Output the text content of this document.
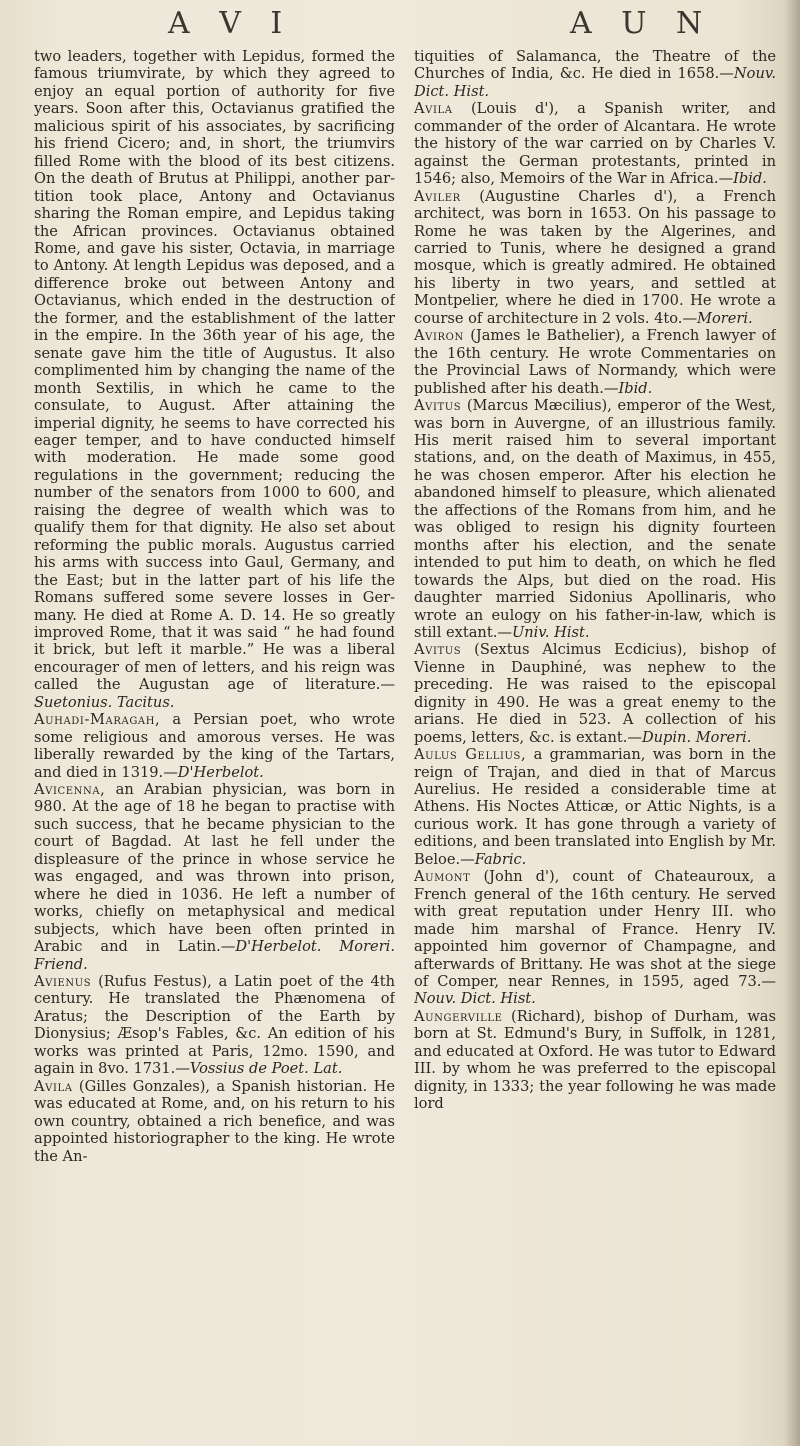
A V I	A U N

two leaders, together with Lepidus, formed the famous triumvirate, by which they agreed to enjoy an equal portion of authority for five years. Soon after this, Octavianus gratified the malicious spirit of his associates, by sacrificing his friend Cicero; and, in short, the triumvirs filled Rome with the blood of its best citizens. On the death of Brutus at Philippi, another partition took place, Antony and Octavianus sharing the Roman empire, and Lepidus taking the African provinces. Octavianus obtained Rome, and gave his sister, Octavia, in marriage to Antony. At length Lepidus was deposed, and a difference broke out between Antony and Octavianus, which ended in the destruction of the former, and the establishment of the latter in the empire. In the 36th year of his age, the senate gave him the title of Augustus. It also complimented him by changing the name of the month Sextilis, in which he came to the consulate, to August. After attaining the imperial dignity, he seems to have corrected his eager temper, and to have conducted himself with moderation. He made some good regulations in the government; reducing the number of the senators from 1000 to 600, and raising the degree of wealth which was to qualify them for that dignity. He also set about reforming the public morals. Augustus carried his arms with success into Gaul, Germany, and the East; but in the latter part of his life the Romans suffered some severe losses in Germany. He died at Rome A. D. 14. He so greatly improved Rome, that it was said “ he had found it brick, but left it marble.” He was a liberal encourager of men of letters, and his reign was called the Augustan age of literature.—Suetonius. Tacitus.

Auhadi-Maragah, a Persian poet, who wrote some religious and amorous verses. He was liberally rewarded by the king of the Tartars, and died in 1319.—D'Herbelot.

Avicenna, an Arabian physician, was born in 980. At the age of 18 he began to practise with such success, that he became physician to the court of Bagdad. At last he fell under the displeasure of the prince in whose service he was engaged, and was thrown into prison, where he died in 1036. He left a number of works, chiefly on metaphysical and medical subjects, which have been often printed in Arabic and in Latin.—D'Herbelot. Moreri. Friend.

Avienus (Rufus Festus), a Latin poet of the 4th century. He translated the Phænomena of Aratus; the Description of the Earth by Dionysius; Æsop's Fables, &c. An edition of his works was printed at Paris, 12mo. 1590, and again in 8vo. 1731.—Vossius de Poet. Lat.

Avila (Gilles Gonzales), a Spanish historian. He was educated at Rome, and, on his return to his own country, obtained a rich benefice, and was appointed historiographer to the king. He wrote the An-

tiquities of Salamanca, the Theatre of the Churches of India, &c. He died in 1658.—Nouv. Dict. Hist.

Avila (Louis d'), a Spanish writer, and commander of the order of Alcantara. He wrote the history of the war carried on by Charles V. against the German protestants, printed in 1546; also, Memoirs of the War in Africa.—Ibid.

Aviler (Augustine Charles d'), a French architect, was born in 1653. On his passage to Rome he was taken by the Algerines, and carried to Tunis, where he designed a grand mosque, which is greatly admired. He obtained his liberty in two years, and settled at Montpelier, where he died in 1700. He wrote a course of architecture in 2 vols. 4to.—Moreri.

Aviron (James le Bathelier), a French lawyer of the 16th century. He wrote Commentaries on the Provincial Laws of Normandy, which were published after his death.—Ibid.

Avitus (Marcus Mæcilius), emperor of the West, was born in Auvergne, of an illustrious family. His merit raised him to several important stations, and, on the death of Maximus, in 455, he was chosen emperor. After his election he abandoned himself to pleasure, which alienated the affections of the Romans from him, and he was obliged to resign his dignity fourteen months after his election, and the senate intended to put him to death, on which he fled towards the Alps, but died on the road. His daughter married Sidonius Apollinaris, who wrote an eulogy on his father-in-law, which is still extant.—Univ. Hist.

Avitus (Sextus Alcimus Ecdicius), bishop of Vienne in Dauphiné, was nephew to the preceding. He was raised to the episcopal dignity in 490. He was a great enemy to the arians. He died in 523. A collection of his poems, letters, &c. is extant.—Dupin. Moreri.

Aulus Gellius, a grammarian, was born in the reign of Trajan, and died in that of Marcus Aurelius. He resided a considerable time at Athens. His Noctes Atticæ, or Attic Nights, is a curious work. It has gone through a variety of editions, and been translated into English by Mr. Beloe.—Fabric.

Aumont (John d'), count of Chateauroux, a French general of the 16th century. He served with great reputation under Henry III. who made him marshal of France. Henry IV. appointed him governor of Champagne, and afterwards of Brittany. He was shot at the siege of Comper, near Rennes, in 1595, aged 73.—Nouv. Dict. Hist.

Aungerville (Richard), bishop of Durham, was born at St. Edmund's Bury, in Suffolk, in 1281, and educated at Oxford. He was tutor to Edward III. by whom he was preferred to the episcopal dignity, in 1333; the year following he was made lord
